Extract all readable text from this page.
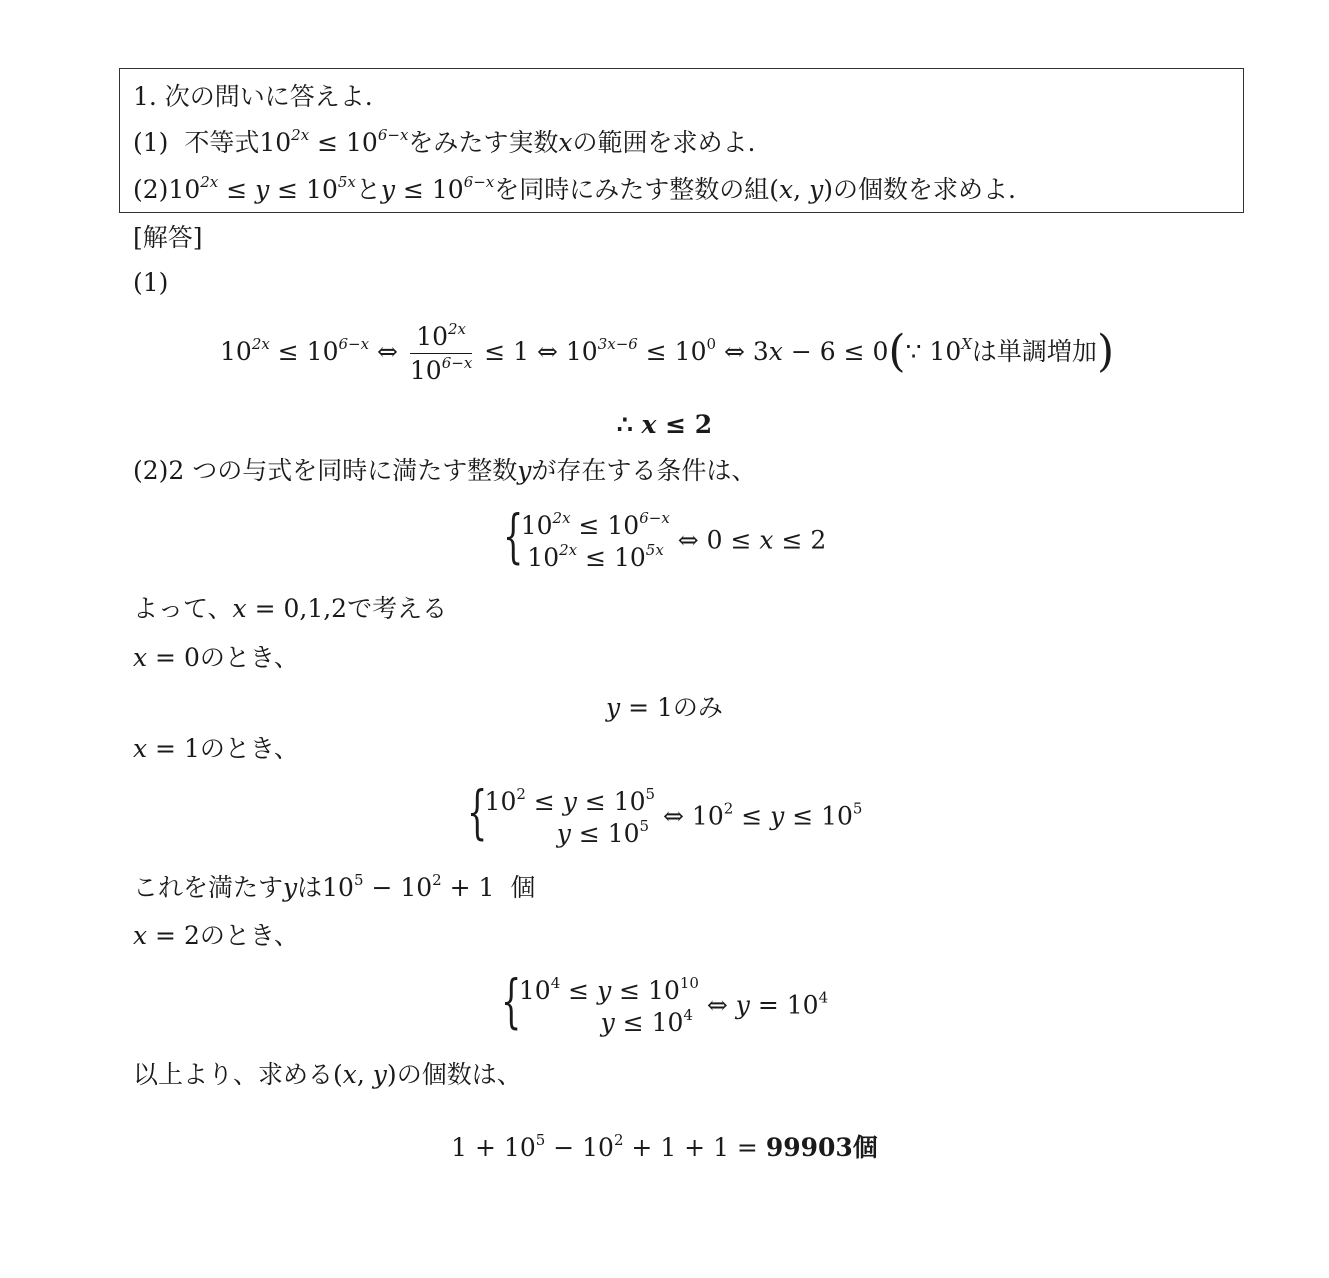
1. 次の問いに答えよ.
(1) 不等式$10^{2x} \le 10^{6-x}$をみたす実数xの範囲を求めよ.
$(2)10^{2x} \le y \le 10^{5x}$と$y \le 10^{6-x}$を同時にみたす整数の組(x, y)の個数を求めよ.
[解答]
(1)
$10^{2x} \le 10^{6-x}$ ⇔ $\frac{10^{2x}}{10^{6-x}} \le 1$ ⇔ $10^{3x-6} \le 10^0$ ⇔ 3x − 6 ≤ 0(∵ $10^X$は単調増加)
∴ x ≤ 2
(2)2 つの与式を同時に満たす整数yが存在する条件は、
{
$10^{2x} \le 10^{6-x}$
$10^{2x} \le 10^{5x}$ ⇔ 0 ≤ x ≤ 2
よって、x = 0,1,2で考える
x = 0のとき、
y = 1のみ
x = 1のとき、
{
$10^2 \le y \le 10^5$
$y \le 10^5$ ⇔ $10^2 \le y \le 10^5$
これを満たすyは$10^5 - 10^2 + 1$  個
x = 2のとき、
{
$10^4 \le y \le 10^{10}$
$y \le 10^4$ ⇔ $y = 10^4$
以上より、求める(x, y)の個数は、
$1 + 10^5 - 10^2 + 1 + 1 = 99903$個
